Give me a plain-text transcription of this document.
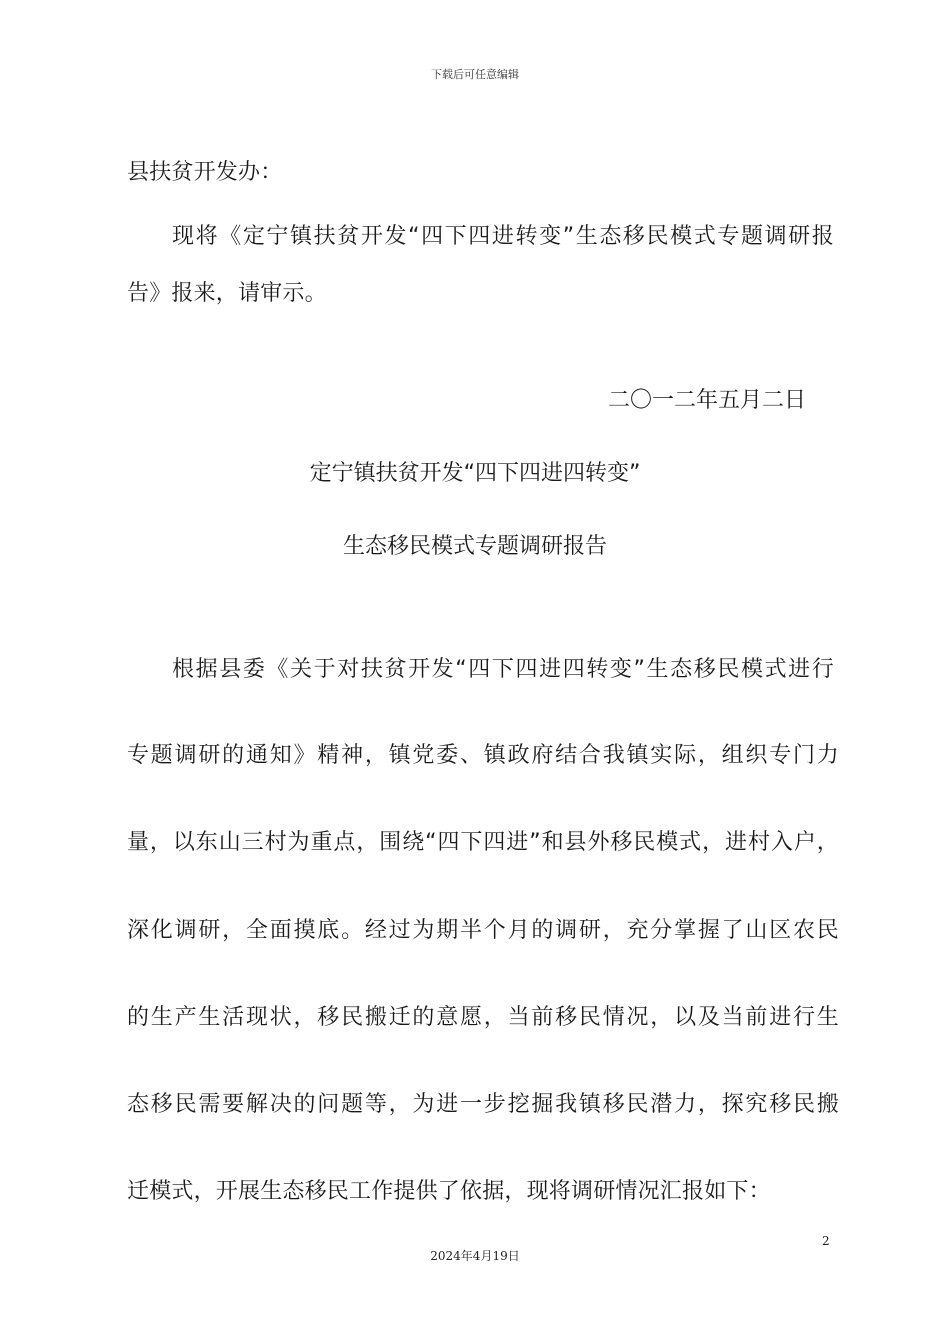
下载后可任意编辑
县扶贫开发办：
现将《定宁镇扶贫开发“四下四进转变”生态移民模式专题调研报
告》报来，请审示。
二〇一二年五月二日
定宁镇扶贫开发“四下四进四转变”
生态移民模式专题调研报告
根据县委《关于对扶贫开发“四下四进四转变”生态移民模式进行
专题调研的通知》精神，镇党委、镇政府结合我镇实际，组织专门力
量，以东山三村为重点，围绕“四下四进”和县外移民模式，进村入户，
深化调研，全面摸底。经过为期半个月的调研，充分掌握了山区农民
的生产生活现状，移民搬迁的意愿，当前移民情况，以及当前进行生
态移民需要解决的问题等，为进一步挖掘我镇移民潜力，探究移民搬
迁模式，开展生态移民工作提供了依据，现将调研情况汇报如下：
2
2024年4月19日
